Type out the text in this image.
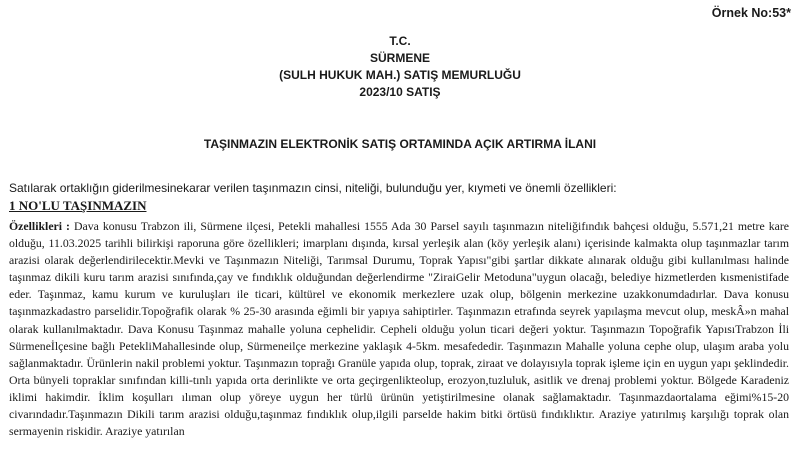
Örnek No:53*
T.C.
SÜRMENE
(SULH HUKUK MAH.) SATIŞ MEMURLUĞU
2023/10 SATIŞ
TAŞINMAZIN ELEKTRONİK SATIŞ ORTAMINDA AÇIK ARTIRMA İLANI
Satılarak ortaklığın giderilmesinekarar verilen taşınmazın cinsi, niteliği, bulunduğu yer, kıymeti ve önemli özellikleri:
1 NO'LU TAŞINMAZIN

Özellikleri : Dava konusu Trabzon ili, Sürmene ilçesi, Petekli mahallesi 1555 Ada 30 Parsel sayılı taşınmazın niteliğifındık bahçesi olduğu, 5.571,21 metre kare olduğu, 11.03.2025 tarihli bilirkişi raporuna göre özellikleri; imarplanı dışında, kırsal yerleşik alan (köy yerleşik alanı) içerisinde kalmakta olup taşınmazlar tarım arazisi olarak değerlendirilecektir.Mevki ve Taşınmazın Niteliği, Tarımsal Durumu, Toprak Yapısı"gibi şartlar dikkate alınarak olduğu gibi kullanılması halinde taşınmaz dikili kuru tarım arazisi sınıfında,çay ve fındıklık olduğundan değerlendirme "ZiraiGelir Metoduna"uygun olacağı, belediye hizmetlerden kısmenistifade eder. Taşınmaz, kamu kurum ve kuruluşları ile ticari, kültürel ve ekonomik merkezlere uzak olup, bölgenin merkezine uzakkonumdadırlar. Dava konusu taşınmazkadastro parselidir.Topoğrafik olarak % 25-30 arasında eğimli bir yapıya sahiptirler. Taşınmazın etrafında seyrek yapılaşma mevcut olup, meskÂ»n mahal olarak kullanılmaktadır. Dava Konusu Taşınmaz mahalle yoluna cephelidir. Cepheli olduğu yolun ticari değeri yoktur. Taşınmazın Topoğrafik YapısıTrabzon İli Sürmeneİlçesine bağlı PetekliMahallesinde olup, Sürmeneilçe merkezine yaklaşık 4-5km. mesafededir. Taşınmazın Mahalle yoluna cephe olup, ulaşım araba yolu sağlanmaktadır. Ürünlerin nakil problemi yoktur. Taşınmazın toprağı Granüle yapıda olup, toprak, ziraat ve dolayısıyla toprak işleme için en uygun yapı şeklindedir. Orta bünyeli topraklar sınıfından killi-tınlı yapıda orta derinlikte ve orta geçirgenlikteolup, erozyon,tuzluluk, asitlik ve drenaj problemi yoktur. Bölgede Karadeniz iklimi hakimdir. İklim koşulları ılıman olup yöreye uygun her türlü ürünün yetiştirilmesine olanak sağlamaktadır. Taşınmazdaortalama eğimi%15-20 civarındadır.Taşınmazın Dikili tarım arazisi olduğu,taşınmaz fındıklık olup,ilgili parselde hakim bitki örtüsü fındıklıktır. Araziye yatırılmış karşılığı toprak olan sermayenin riskidir. Araziye yatırılan
